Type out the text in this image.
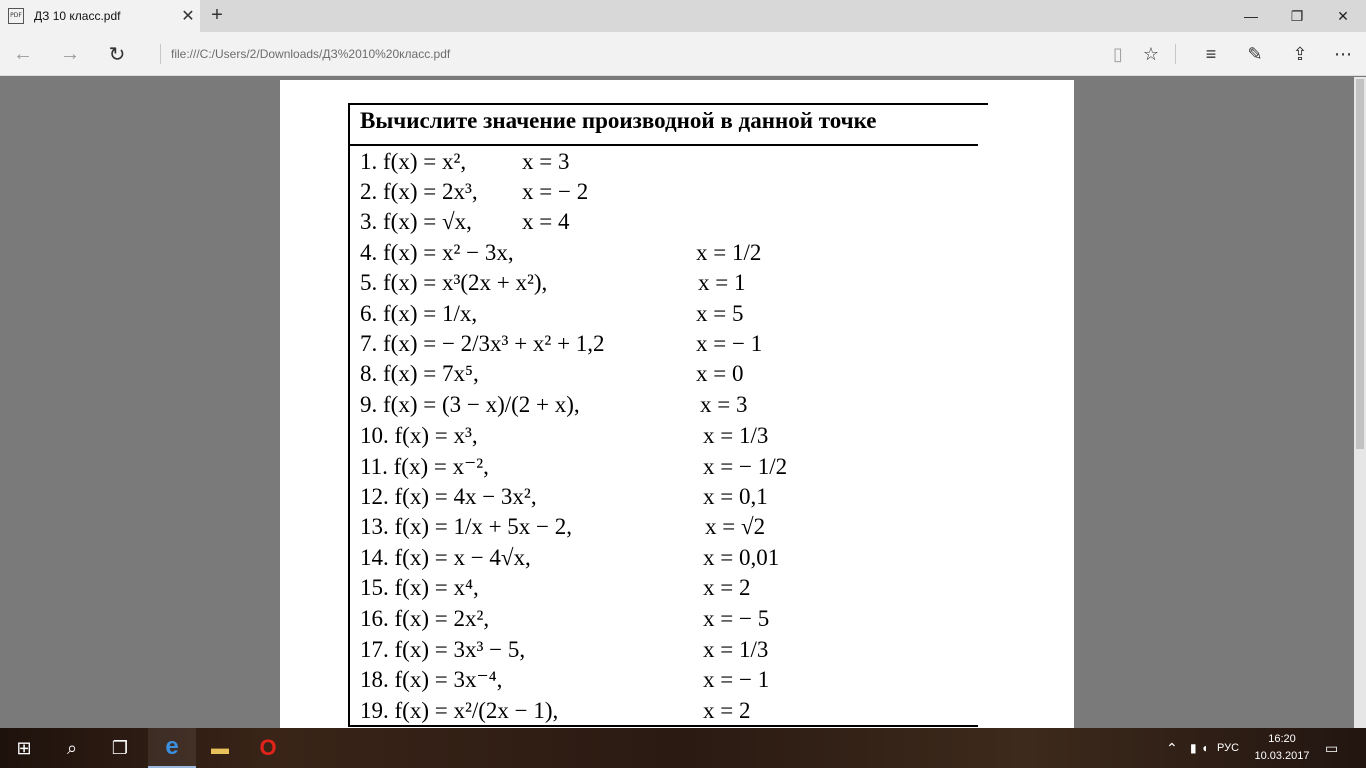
PDF ДЗ 10 класс.pdf	✕ +	— ❐ ✕
← → ↻	file:///C:/Users/2/Downloads/ДЗ%2010%20класс.pdf	▯ ☆	≡ ✎ ⇪ ⋯
Вычислите значение производной в данной точке
1. f(x) = x², x = 3
2. f(x) = 2x³, x = − 2
3. f(x) = √x, x = 4
4. f(x) = x² − 3x,	x = 1/2
5. f(x) = x³(2x + x²),	x = 1
6. f(x) = 1/x,	x = 5
7. f(x) = − 2/3x³ + x² + 1,2	x = − 1
8. f(x) = 7x⁵,	x = 0
9. f(x) = (3 − x)/(2 + x),	x = 3
10. f(x) = x³,	x = 1/3
11. f(x) = x⁻²,	x = − 1/2
12. f(x) = 4x − 3x²,	x = 0,1
13. f(x) = 1/x + 5x − 2,	x = √2
14. f(x) = x − 4√x,	x = 0,01
15. f(x) = x⁴,	x = 2
16. f(x) = 2x²,	x = − 5
17. f(x) = 3x³ − 5,	x = 1/3
18. f(x) = 3x⁻⁴,	x = − 1
19. f(x) = x²/(2x − 1),	x = 2
⊞ ⌕ ❐ e ▬ O	⌃ ▮ ◖ РУС
16:20
10.03.2017
▭
